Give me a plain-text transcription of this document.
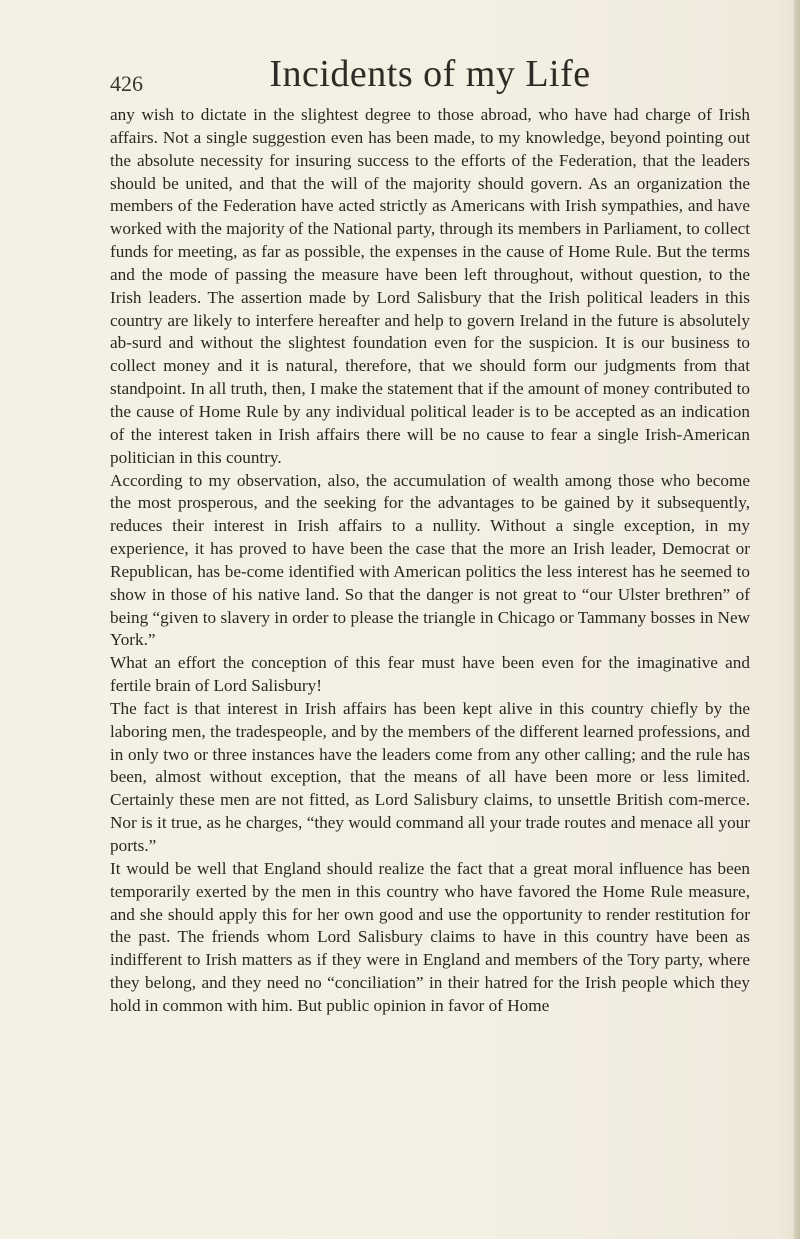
426	Incidents of my Life

any wish to dictate in the slightest degree to those abroad, who have had charge of Irish affairs. Not a single suggestion even has been made, to my knowledge, beyond pointing out the absolute necessity for insuring success to the efforts of the Federation, that the leaders should be united, and that the will of the majority should govern. As an organization the members of the Federation have acted strictly as Americans with Irish sympathies, and have worked with the majority of the National party, through its members in Parliament, to collect funds for meeting, as far as possible, the expenses in the cause of Home Rule. But the terms and the mode of passing the measure have been left throughout, without question, to the Irish leaders. The assertion made by Lord Salisbury that the Irish political leaders in this country are likely to interfere hereafter and help to govern Ireland in the future is absolutely ab-surd and without the slightest foundation even for the suspicion. It is our business to collect money and it is natural, therefore, that we should form our judgments from that standpoint. In all truth, then, I make the statement that if the amount of money contributed to the cause of Home Rule by any individual political leader is to be accepted as an indication of the interest taken in Irish affairs there will be no cause to fear a single Irish-American politician in this country.

According to my observation, also, the accumulation of wealth among those who become the most prosperous, and the seeking for the advantages to be gained by it subsequently, reduces their interest in Irish affairs to a nullity. Without a single exception, in my experience, it has proved to have been the case that the more an Irish leader, Democrat or Republican, has be-come identified with American politics the less interest has he seemed to show in those of his native land. So that the danger is not great to “our Ulster brethren” of being “given to slavery in order to please the triangle in Chicago or Tammany bosses in New York.”

What an effort the conception of this fear must have been even for the imaginative and fertile brain of Lord Salisbury!

The fact is that interest in Irish affairs has been kept alive in this country chiefly by the laboring men, the tradespeople, and by the members of the different learned professions, and in only two or three instances have the leaders come from any other calling; and the rule has been, almost without exception, that the means of all have been more or less limited. Certainly these men are not fitted, as Lord Salisbury claims, to unsettle British com-merce. Nor is it true, as he charges, “they would command all your trade routes and menace all your ports.”

It would be well that England should realize the fact that a great moral influence has been temporarily exerted by the men in this country who have favored the Home Rule measure, and she should apply this for her own good and use the opportunity to render restitution for the past. The friends whom Lord Salisbury claims to have in this country have been as indifferent to Irish matters as if they were in England and members of the Tory party, where they belong, and they need no “conciliation” in their hatred for the Irish people which they hold in common with him. But public opinion in favor of Home
